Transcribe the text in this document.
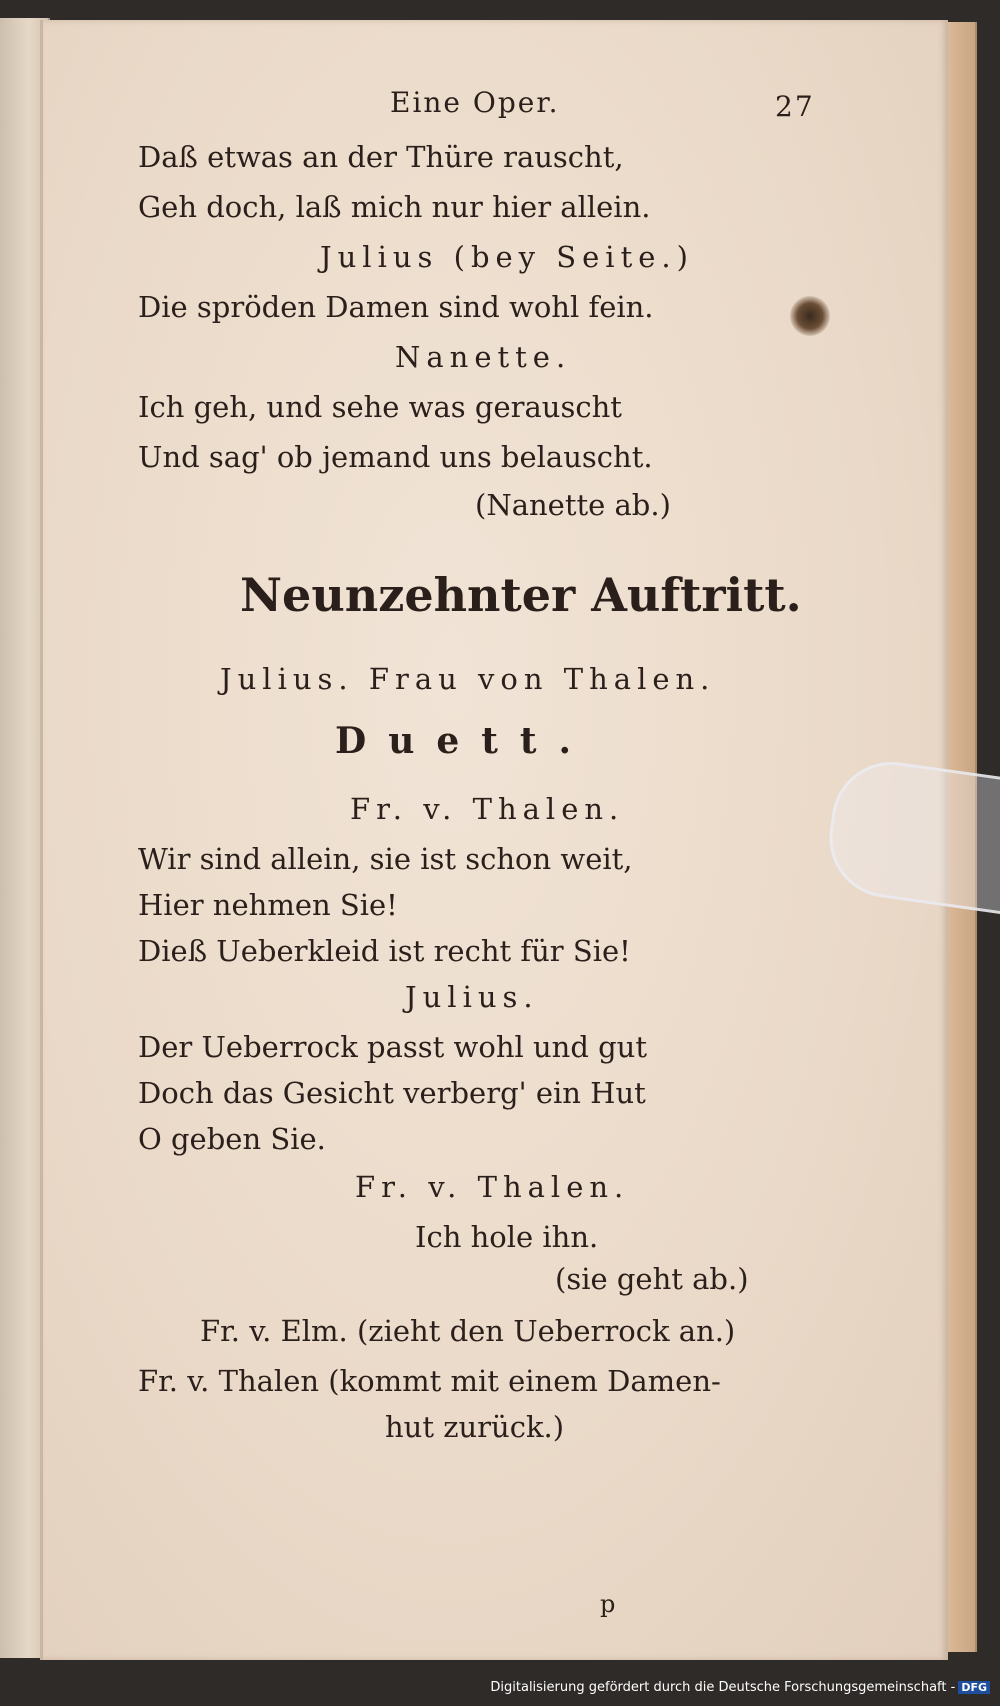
Eine Oper.	27
Daß etwas an der Thüre rauscht,
Geh doch, laß mich nur hier allein.
Julius (bey Seite.)
Die spröden Damen sind wohl fein.
Nanette.
Ich geh, und sehe was gerauscht
Und sag' ob jemand uns belauscht.
(Nanette ab.)
Neunzehnter Auftritt.
Julius. Frau von Thalen.
Duett.
Fr. v. Thalen.
Wir sind allein, sie ist schon weit,
Hier nehmen Sie!
Dieß Ueberkleid ist recht für Sie!
Julius.
Der Ueberrock passt wohl und gut
Doch das Gesicht verberg' ein Hut
O geben Sie.
Fr. v. Thalen.
Ich hole ihn.
(sie geht ab.)
Fr. v. Elm. (zieht den Ueberrock an.)
Fr. v. Thalen (kommt mit einem Damen-
hut zurück.)
p
Digitalisierung gefördert durch die Deutsche Forschungsgemeinschaft - DFG
